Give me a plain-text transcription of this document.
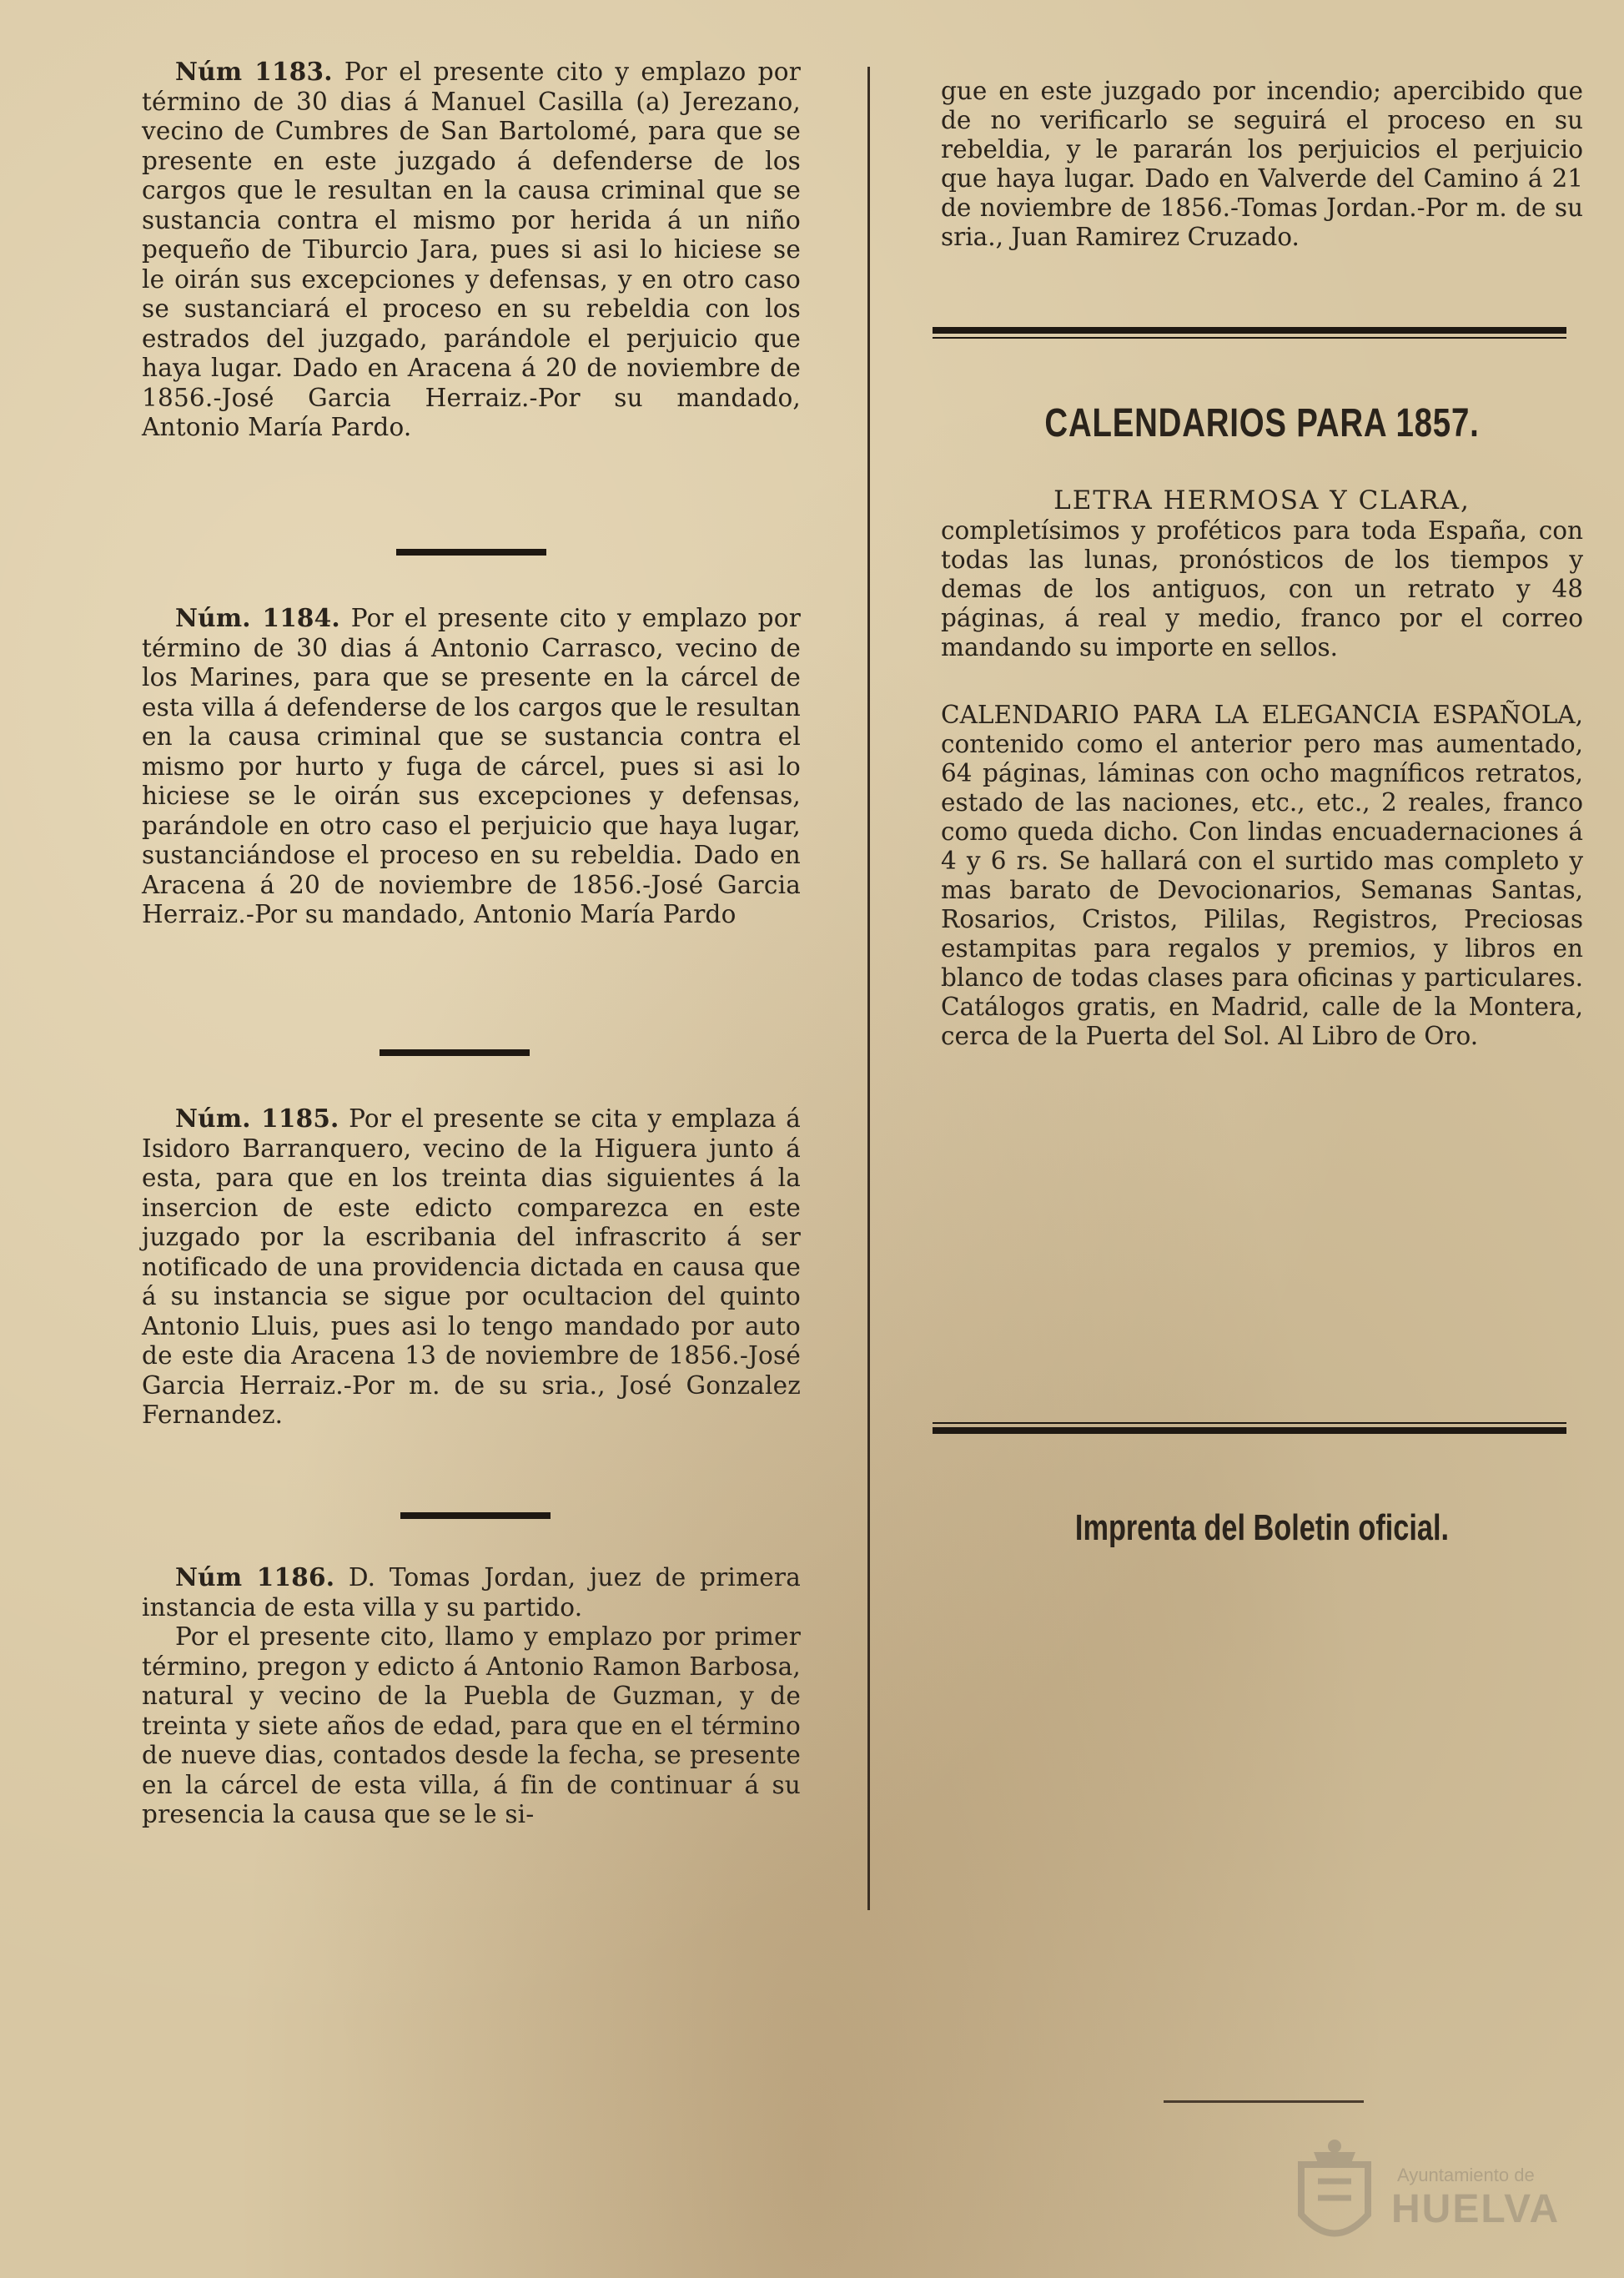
Núm 1183. Por el presente cito y emplazo por término de 30 dias á Manuel Casilla (a) Jerezano, vecino de Cumbres de San Bartolomé, para que se presente en este juzgado á defenderse de los cargos que le resultan en la causa criminal que se sustancia contra el mismo por herida á un niño pequeño de Tiburcio Jara, pues si asi lo hiciese se le oirán sus excepciones y defensas, y en otro caso se sustanciará el proceso en su rebeldia con los estrados del juzgado, parándole el perjuicio que haya lugar. Dado en Aracena á 20 de noviembre de 1856.-José Garcia Herraiz.-Por su mandado, Antonio María Pardo.

Núm. 1184. Por el presente cito y emplazo por término de 30 dias á Antonio Carrasco, vecino de los Marines, para que se presente en la cárcel de esta villa á defenderse de los cargos que le resultan en la causa criminal que se sustancia contra el mismo por hurto y fuga de cárcel, pues si asi lo hiciese se le oirán sus excepciones y defensas, parándole en otro caso el perjuicio que haya lugar, sustanciándose el proceso en su rebeldia. Dado en Aracena á 20 de noviembre de 1856.-José Garcia Herraiz.-Por su mandado, Antonio María Pardo

Núm. 1185. Por el presente se cita y emplaza á Isidoro Barranquero, vecino de la Higuera junto á esta, para que en los treinta dias siguientes á la insercion de este edicto comparezca en este juzgado por la escribania del infrascrito á ser notificado de una providencia dictada en causa que á su instancia se sigue por ocultacion del quinto Antonio Lluis, pues asi lo tengo mandado por auto de este dia Aracena 13 de noviembre de 1856.-José Garcia Herraiz.-Por m. de su sria., José Gonzalez Fernandez.

Núm 1186. D. Tomas Jordan, juez de primera instancia de esta villa y su partido.

Por el presente cito, llamo y emplazo por primer término, pregon y edicto á Antonio Ramon Barbosa, natural y vecino de la Puebla de Guzman, y de treinta y siete años de edad, para que en el término de nueve dias, contados desde la fecha, se presente en la cárcel de esta villa, á fin de continuar á su presencia la causa que se le si-

gue en este juzgado por incendio; apercibido que de no verificarlo se seguirá el proceso en su rebeldia, y le pararán los perjuicios el perjuicio que haya lugar. Dado en Valverde del Camino á 21 de noviembre de 1856.-Tomas Jordan.-Por m. de su sria., Juan Ramirez Cruzado.

CALENDARIOS PARA 1857.
LETRA HERMOSA Y CLARA,

completísimos y proféticos para toda España, con todas las lunas, pronósticos de los tiempos y demas de los antiguos, con un retrato y 48 páginas, á real y medio, franco por el correo mandando su importe en sellos.

CALENDARIO PARA LA ELEGANCIA ESPAÑOLA, contenido como el anterior pero mas aumentado, 64 páginas, láminas con ocho magníficos retratos, estado de las naciones, etc., etc., 2 reales, franco como queda dicho. Con lindas encuadernaciones á 4 y 6 rs. Se hallará con el surtido mas completo y mas barato de Devocionarios, Semanas Santas, Rosarios, Cristos, Pililas, Registros, Preciosas estampitas para regalos y premios, y libros en blanco de todas clases para oficinas y particulares. Catálogos gratis, en Madrid, calle de la Montera, cerca de la Puerta del Sol. Al Libro de Oro.

Imprenta del Boletin oficial.
Ayuntamiento de
HUELVA
